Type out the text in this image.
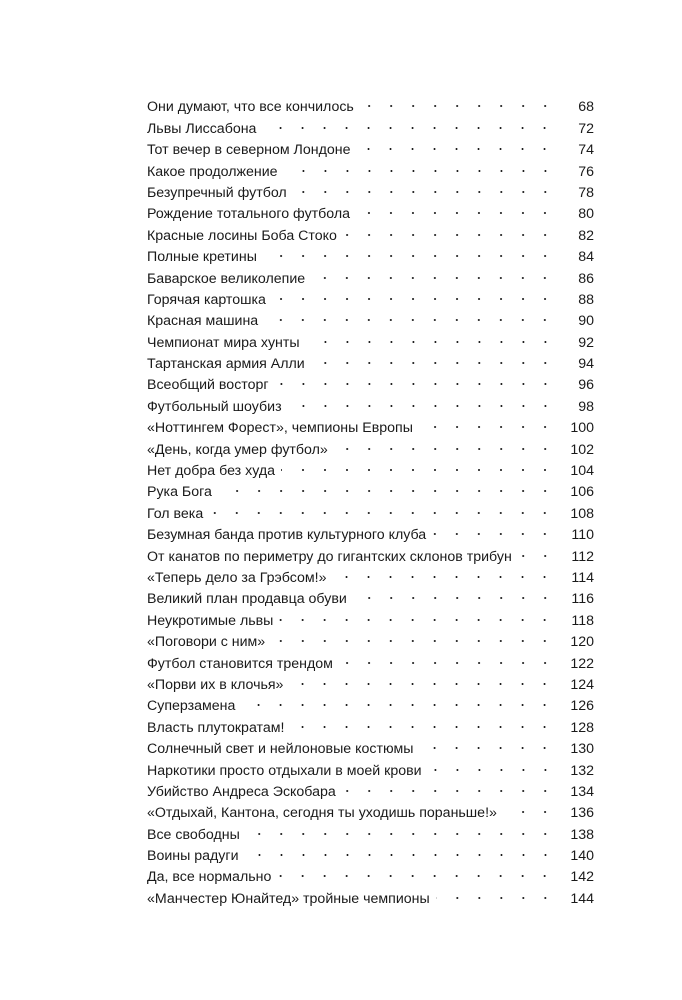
Они думают, что все кончилось	68
Львы Лиссабона	72
Тот вечер в северном Лондоне	74
Какое продолжение	76
Безупречный футбол	78
Рождение тотального футбола	80
Красные лосины Боба Стоко	82
Полные кретины	84
Баварское великолепие	86
Горячая картошка	88
Красная машина	90
Чемпионат мира хунты	92
Тартанская армия Алли	94
Всеобщий восторг	96
Футбольный шоубиз	98
«Ноттингем Форест», чемпионы Европы	100
«День, когда умер футбол»	102
Нет добра без худа	104
Рука Бога	106
Гол века	108
Безумная банда против культурного клуба	110
От канатов по периметру до гигантских склонов трибун	112
«Теперь дело за Грэбсом!»	114
Великий план продавца обуви	116
Неукротимые львы	118
«Поговори с ним»	120
Футбол становится трендом	122
«Порви их в клочья»	124
Суперзамена	126
Власть плутократам!	128
Солнечный свет и нейлоновые костюмы	130
Наркотики просто отдыхали в моей крови	132
Убийство Андреса Эскобара	134
«Отдыхай, Кантона, сегодня ты уходишь пораньше!»	136
Все свободны	138
Воины радуги	140
Да, все нормально	142
«Манчестер Юнайтед» тройные чемпионы	144
